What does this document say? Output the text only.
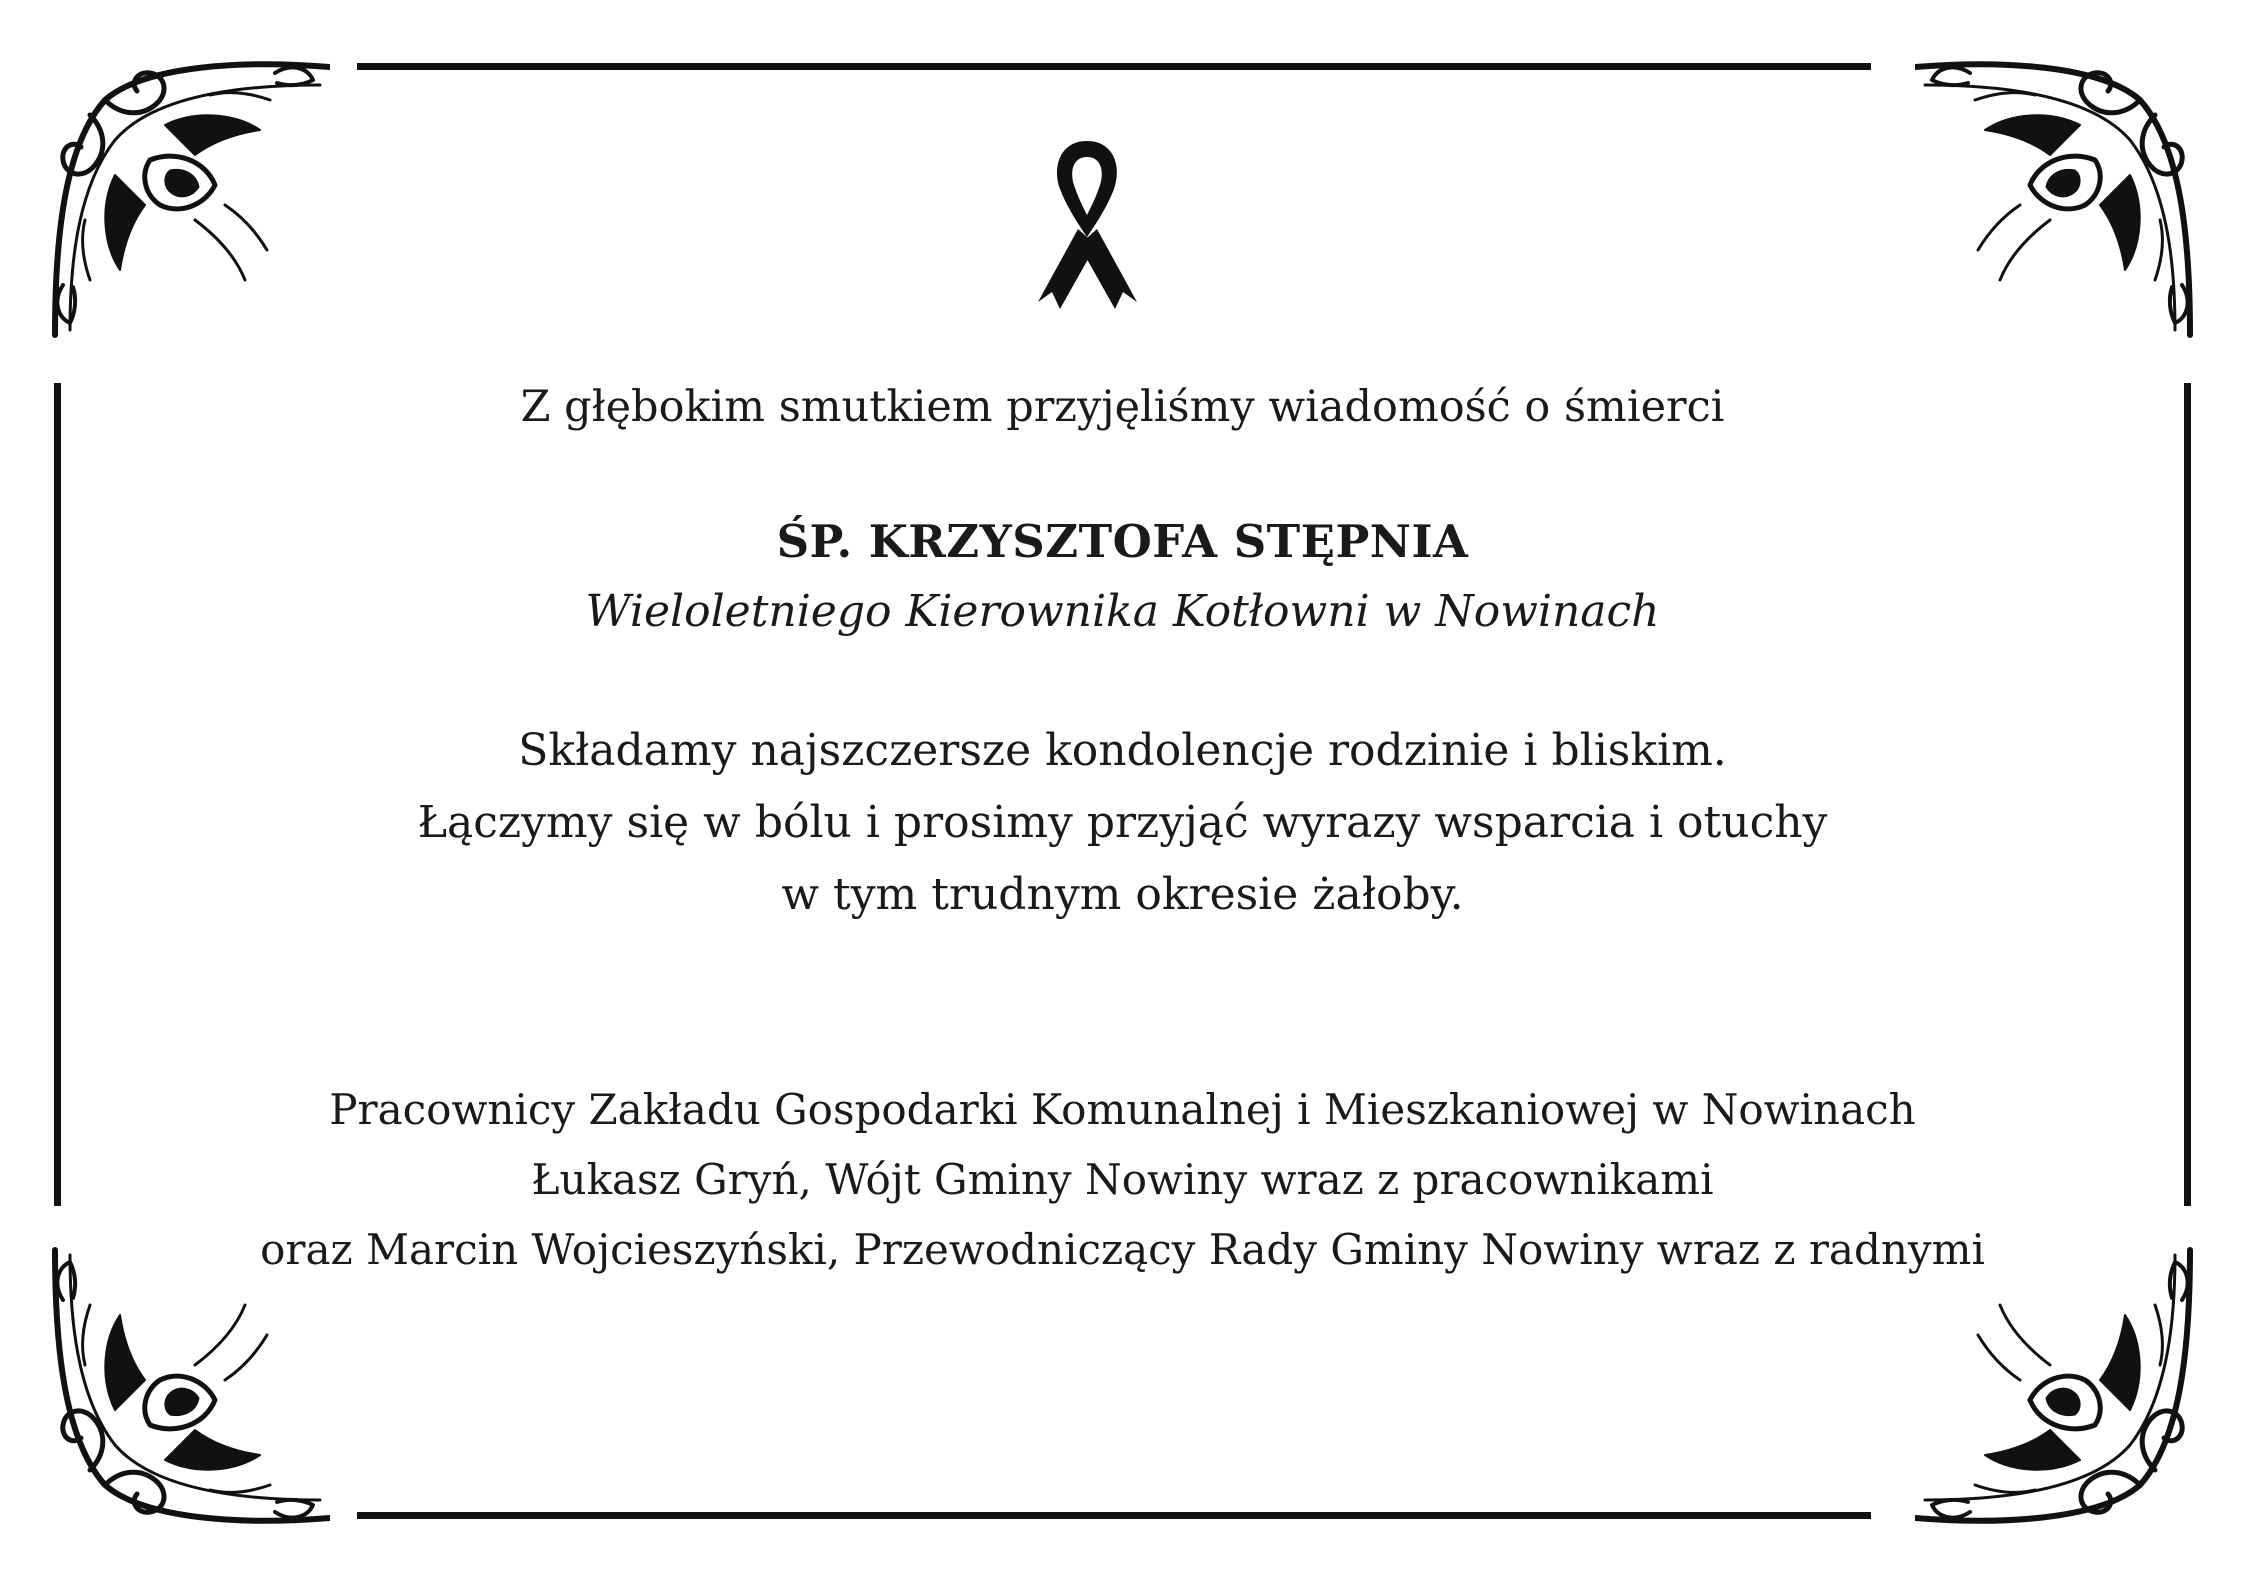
Z głębokim smutkiem przyjęliśmy wiadomość o śmierci
ŚP. KRZYSZTOFA STĘPNIA
Wieloletniego Kierownika Kotłowni w Nowinach
Składamy najszczersze kondolencje rodzinie i bliskim.
Łączymy się w bólu i prosimy przyjąć wyrazy wsparcia i otuchy
w tym trudnym okresie żałoby.
Pracownicy Zakładu Gospodarki Komunalnej i Mieszkaniowej w Nowinach
Łukasz Gryń, Wójt Gminy Nowiny wraz z pracownikami
oraz Marcin Wojcieszyński, Przewodniczący Rady Gminy Nowiny wraz z radnymi
